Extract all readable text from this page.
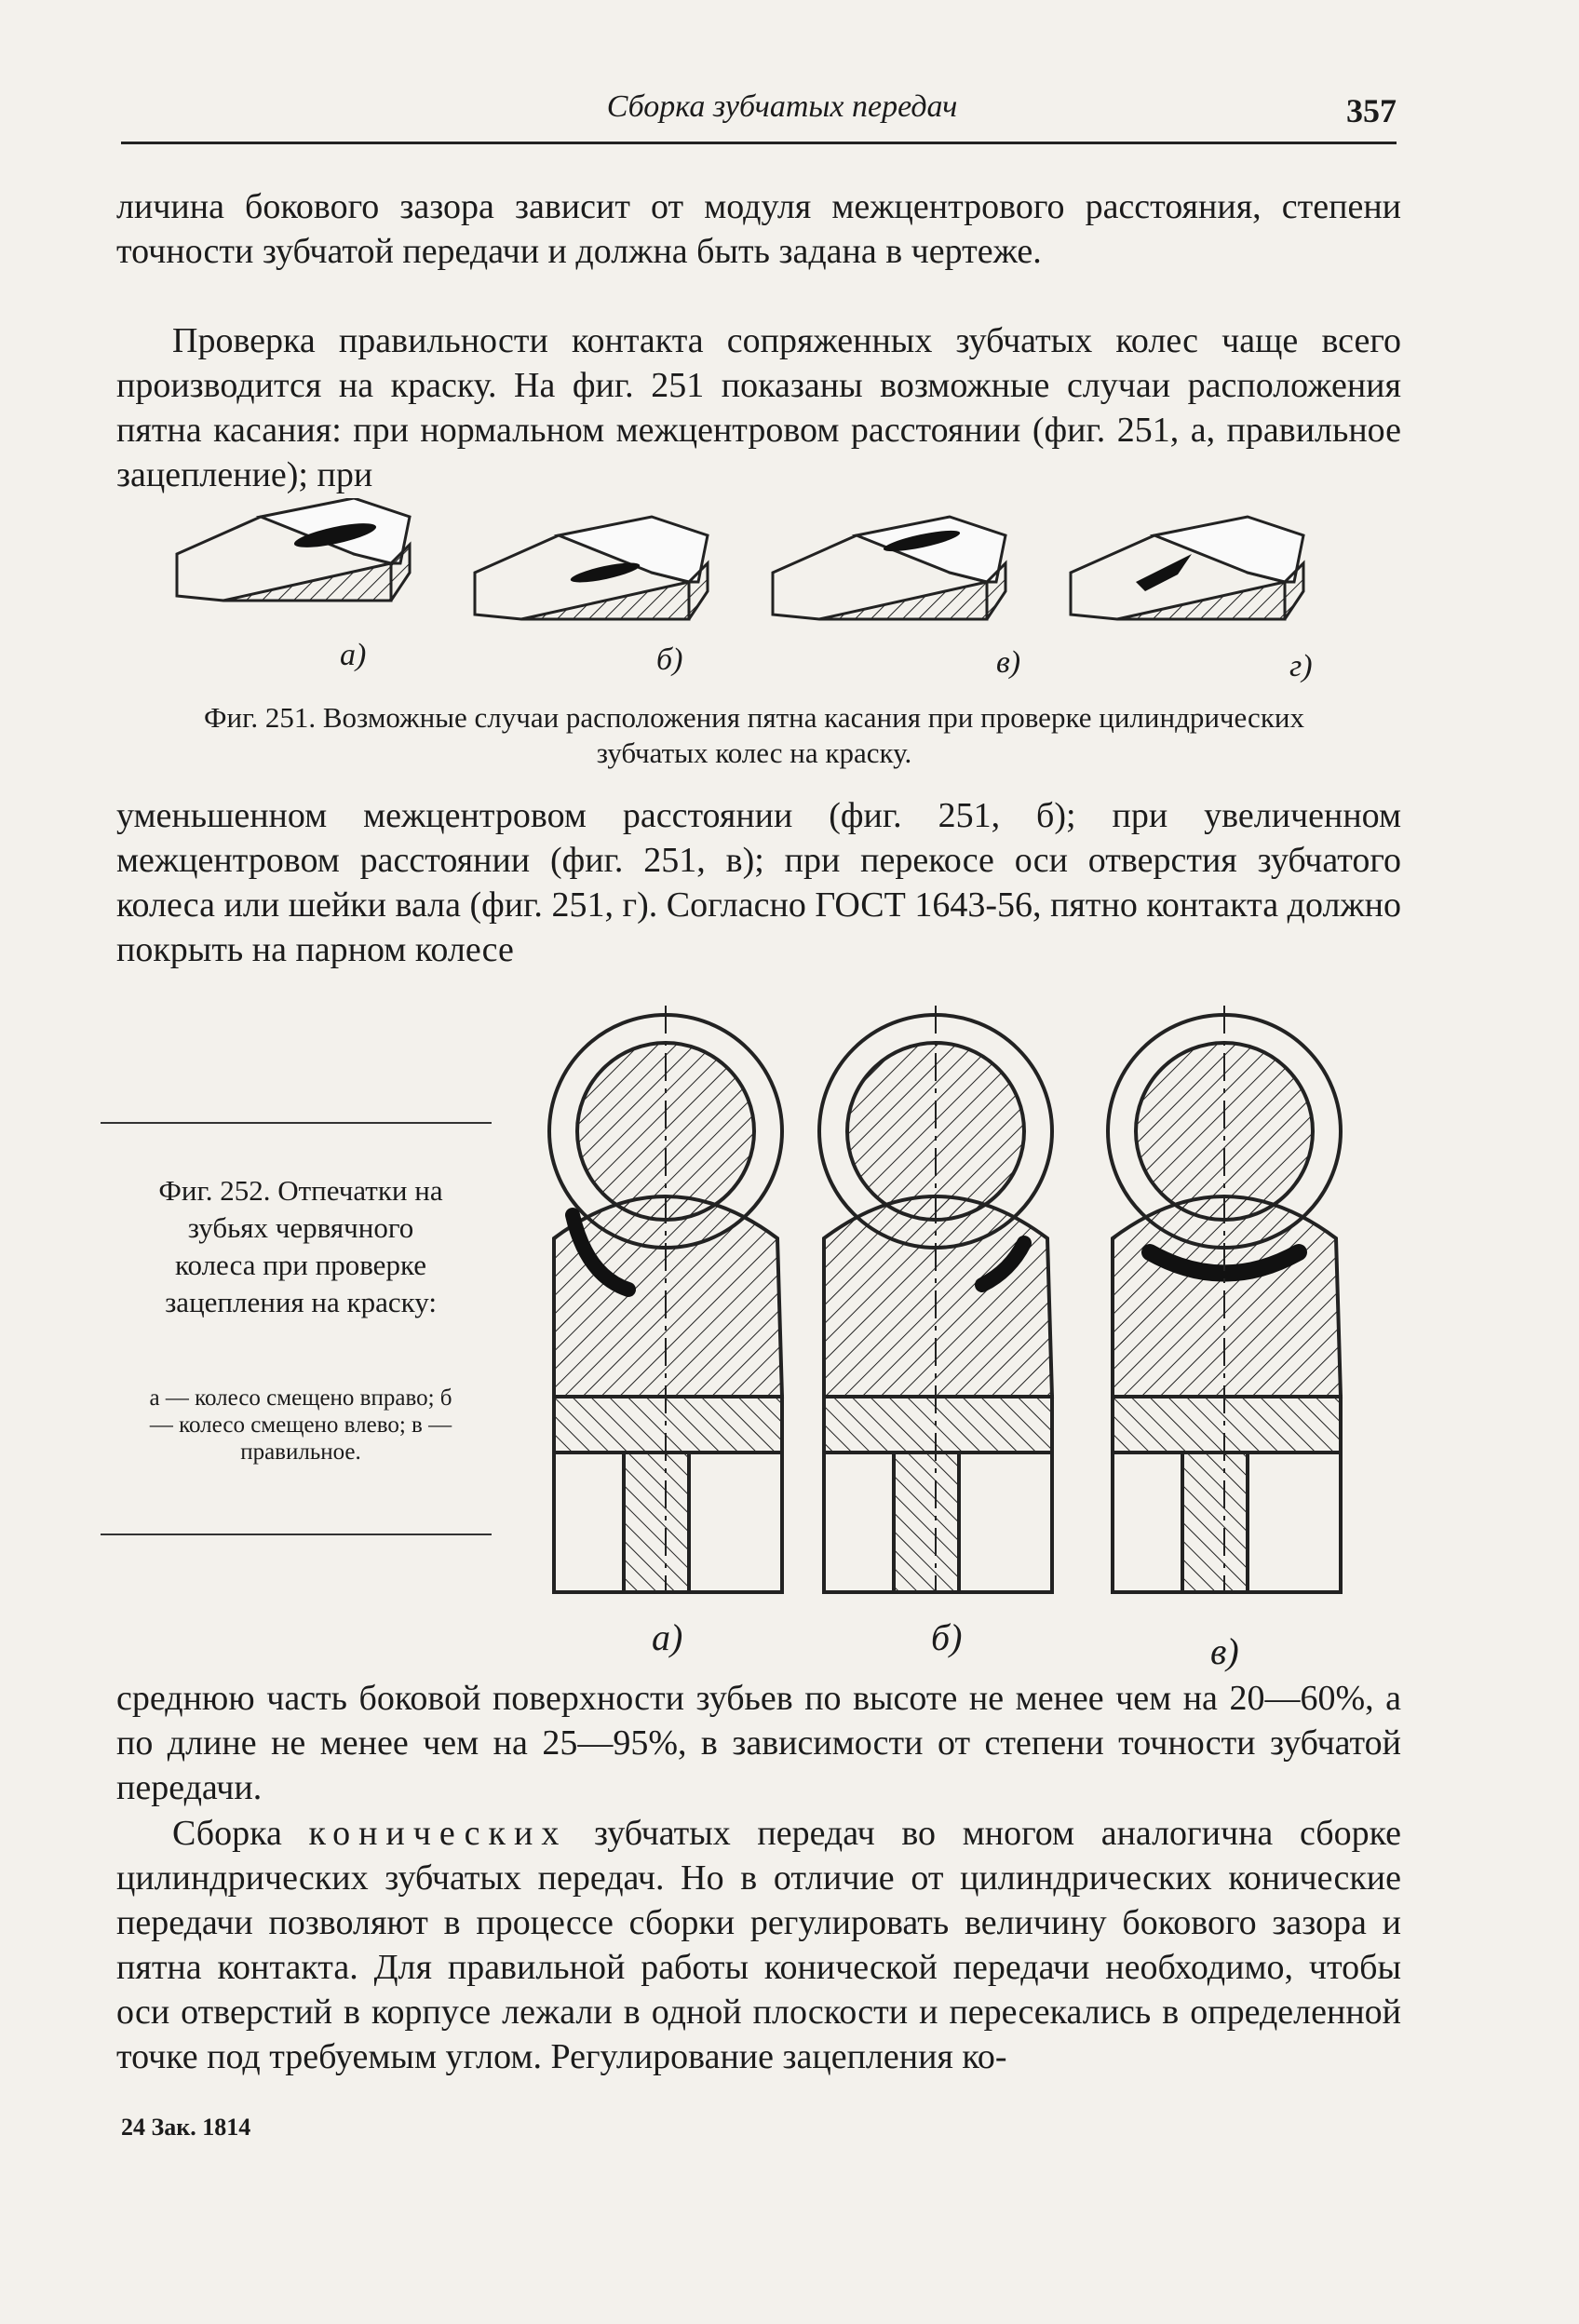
Сборка зубчатых передач	357
личина бокового зазора зависит от модуля межцентрового расстояния, степени точности зубчатой передачи и должна быть задана в чертеже.
Проверка правильности контакта сопряженных зубчатых колес чаще всего производится на краску. На фиг. 251 показаны возможные случаи расположения пятна касания: при нормальном межцентровом расстоянии (фиг. 251, а, правильное зацепление); при
а)	б)	в)	г)
Фиг. 251. Возможные случаи расположения пятна касания при проверке цилиндрических зубчатых колес на краску.
уменьшенном межцентровом расстоянии (фиг. 251, б); при увеличенном межцентровом расстоянии (фиг. 251, в); при перекосе оси отверстия зубчатого колеса или шейки вала (фиг. 251, г). Согласно ГОСТ 1643-56, пятно контакта должно покрыть на парном колесе
Фиг. 252. Отпечатки на зубьях червячного колеса при проверке зацепления на краску:
а — колесо смещено вправо; б — колесо смещено влево; в — правильное.
а)	б)	в)
среднюю часть боковой поверхности зубьев по высоте не менее чем на 20—60%, а по длине не менее чем на 25—95%, в зависимости от степени точности зубчатой передачи.
Сборка конических зубчатых передач во многом аналогична сборке цилиндрических зубчатых передач. Но в отличие от цилиндрических конические передачи позволяют в процессе сборки регулировать величину бокового зазора и пятна контакта. Для правильной работы конической передачи необходимо, чтобы оси отверстий в корпусе лежали в одной плоскости и пересекались в определенной точке под требуемым углом. Регулирование зацепления ко-
24 Зак. 1814
